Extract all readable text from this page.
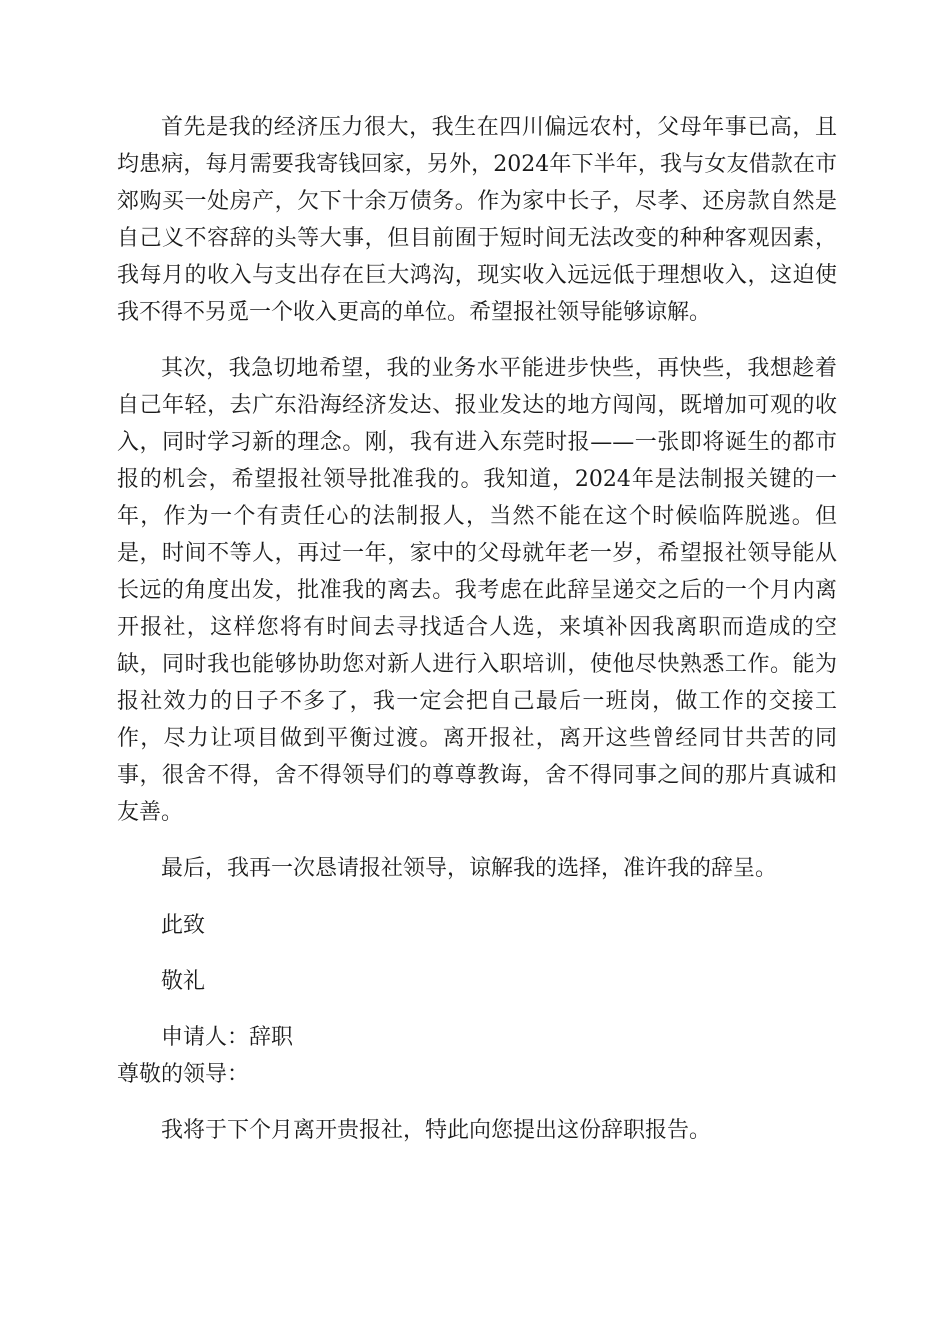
首先是我的经济压力很大，我生在四川偏远农村，父母年事已高，且均患病，每月需要我寄钱回家，另外，2024年下半年，我与女友借款在市郊购买一处房产，欠下十余万债务。作为家中长子，尽孝、还房款自然是自己义不容辞的头等大事，但目前囿于短时间无法改变的种种客观因素，我每月的收入与支出存在巨大鸿沟，现实收入远远低于理想收入，这迫使我不得不另觅一个收入更高的单位。希望报社领导能够谅解。

其次，我急切地希望，我的业务水平能进步快些，再快些，我想趁着自己年轻，去广东沿海经济发达、报业发达的地方闯闯，既增加可观的收入，同时学习新的理念。刚，我有进入东莞时报——一张即将诞生的都市报的机会，希望报社领导批准我的。我知道，2024年是法制报关键的一年，作为一个有责任心的法制报人，当然不能在这个时候临阵脱逃。但是，时间不等人，再过一年，家中的父母就年老一岁，希望报社领导能从长远的角度出发，批准我的离去。我考虑在此辞呈递交之后的一个月内离开报社，这样您将有时间去寻找适合人选，来填补因我离职而造成的空缺，同时我也能够协助您对新人进行入职培训，使他尽快熟悉工作。能为报社效力的日子不多了，我一定会把自己最后一班岗，做工作的交接工作，尽力让项目做到平衡过渡。离开报社，离开这些曾经同甘共苦的同事，很舍不得，舍不得领导们的尊尊教诲，舍不得同事之间的那片真诚和友善。

最后，我再一次恳请报社领导，谅解我的选择，准许我的辞呈。

此致

敬礼

申请人：辞职

尊敬的领导：

我将于下个月离开贵报社，特此向您提出这份辞职报告。
